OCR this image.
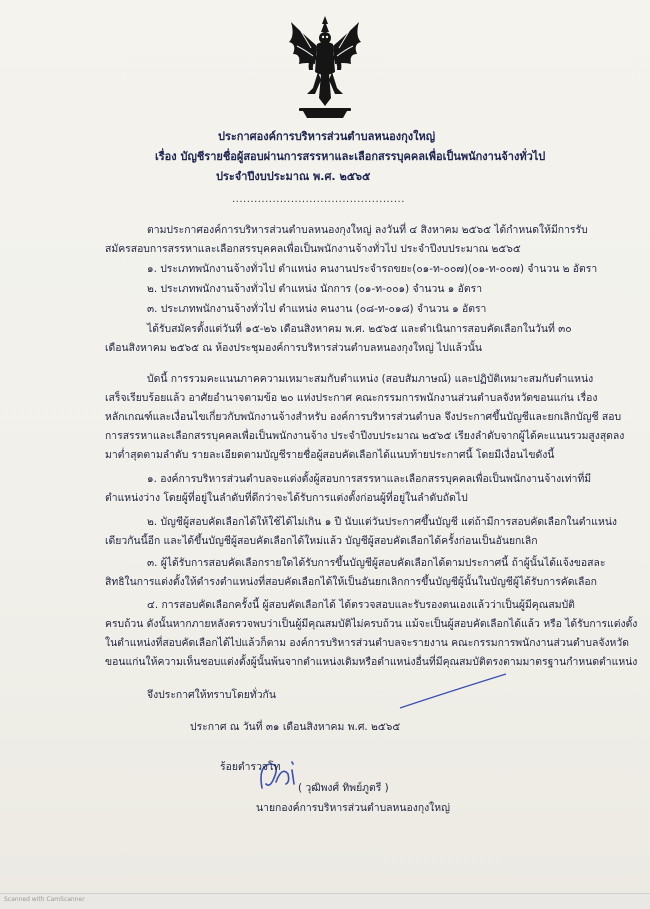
ประกาศองค์การบริหารส่วนตำบลหนองกุงใหญ่
เรื่อง บัญชีรายชื่อผู้สอบผ่านการสรรหาและเลือกสรรบุคคลเพื่อเป็นพนักงานจ้างทั่วไป
ประจำปีงบประมาณ พ.ศ. ๒๕๖๕
...............................................
ตามประกาศองค์การบริหารส่วนตำบลหนองกุงใหญ่ ลงวันที่ ๔ สิงหาคม ๒๕๖๕ ได้กำหนดให้มีการรับ
สมัครสอบการสรรหาและเลือกสรรบุคคลเพื่อเป็นพนักงานจ้างทั่วไป ประจำปีงบประมาณ ๒๕๖๕
๑. ประเภทพนักงานจ้างทั่วไป ตำแหน่ง คนงานประจำรถขยะ(๐๑-ท-๐๐๗)(๐๑-ท-๐๐๗) จำนวน ๒ อัตรา
๒. ประเภทพนักงานจ้างทั่วไป ตำแหน่ง นักการ (๐๑-ท-๐๐๑) จำนวน ๑ อัตรา
๓. ประเภทพนักงานจ้างทั่วไป ตำแหน่ง คนงาน (๐๘-ท-๐๑๘) จำนวน ๑ อัตรา
ได้รับสมัครตั้งแต่วันที่ ๑๕-๒๖ เดือนสิงหาคม พ.ศ. ๒๕๖๕ และดำเนินการสอบคัดเลือกในวันที่ ๓๐
เดือนสิงหาคม ๒๕๖๕ ณ ห้องประชุมองค์การบริหารส่วนตำบลหนองกุงใหญ่ ไปแล้วนั้น
บัดนี้ การรวมคะแนนภาคความเหมาะสมกับตำแหน่ง (สอบสัมภาษณ์) และปฏิบัติเหมาะสมกับตำแหน่ง
เสร็จเรียบร้อยแล้ว อาศัยอำนาจตามข้อ ๒๐ แห่งประกาศ คณะกรรมการพนักงานส่วนตำบลจังหวัดขอนแก่น เรื่อง
หลักเกณฑ์และเงื่อนไขเกี่ยวกับพนักงานจ้างสำหรับ องค์การบริหารส่วนตำบล จึงประกาศขึ้นบัญชีและยกเลิกบัญชี สอบ
การสรรหาและเลือกสรรบุคคลเพื่อเป็นพนักงานจ้าง ประจำปีงบประมาณ ๒๕๖๕ เรียงลำดับจากผู้ได้คะแนนรวมสูงสุดลง
มาต่ำสุดตามลำดับ รายละเอียดตามบัญชีรายชื่อผู้สอบคัดเลือกได้แนบท้ายประกาศนี้ โดยมีเงื่อนไขดังนี้
๑. องค์การบริหารส่วนตำบลจะแต่งตั้งผู้สอบการสรรหาและเลือกสรรบุคคลเพื่อเป็นพนักงานจ้างเท่าที่มี
ตำแหน่งว่าง โดยผู้ที่อยู่ในลำดับที่ดีกว่าจะได้รับการแต่งตั้งก่อนผู้ที่อยู่ในลำดับถัดไป
๒. บัญชีผู้สอบคัดเลือกได้ให้ใช้ได้ไม่เกิน ๑ ปี นับแต่วันประกาศขึ้นบัญชี แต่ถ้ามีการสอบคัดเลือกในตำแหน่ง
เดียวกันนี้อีก และได้ขึ้นบัญชีผู้สอบคัดเลือกได้ใหม่แล้ว บัญชีผู้สอบคัดเลือกได้ครั้งก่อนเป็นอันยกเลิก
๓. ผู้ได้รับการสอบคัดเลือกรายใดได้รับการขึ้นบัญชีผู้สอบคัดเลือกได้ตามประกาศนี้ ถ้าผู้นั้นได้แจ้งขอสละ
สิทธิในการแต่งตั้งให้ดำรงตำแหน่งที่สอบคัดเลือกได้ให้เป็นอันยกเลิกการขึ้นบัญชีผู้นั้นในบัญชีผู้ได้รับการคัดเลือก
๔. การสอบคัดเลือกครั้งนี้ ผู้สอบคัดเลือกได้ ได้ตรวจสอบและรับรองตนเองแล้วว่าเป็นผู้มีคุณสมบัติ
ครบถ้วน ดังนั้นหากภายหลังตรวจพบว่าเป็นผู้มีคุณสมบัติไม่ครบถ้วน แม้จะเป็นผู้สอบคัดเลือกได้แล้ว หรือ ได้รับการแต่งตั้ง
ในตำแหน่งที่สอบคัดเลือกได้ไปแล้วก็ตาม องค์การบริหารส่วนตำบลจะรายงาน คณะกรรมการพนักงานส่วนตำบลจังหวัด
ขอนแก่นให้ความเห็นชอบแต่งตั้งผู้นั้นพ้นจากตำแหน่งเดิมหรือตำแหน่งอื่นที่มีคุณสมบัติตรงตามมาตรฐานกำหนดตำแหน่ง
จึงประกาศให้ทราบโดยทั่วกัน
ประกาศ ณ วันที่ ๓๑ เดือนสิงหาคม พ.ศ. ๒๕๖๕
ร้อยตำรวจโท
( วุฒิพงศ์ ทิพย์ภูตรี )
นายกองค์การบริหารส่วนตำบลหนองกุงใหญ่
Scanned with CamScanner
